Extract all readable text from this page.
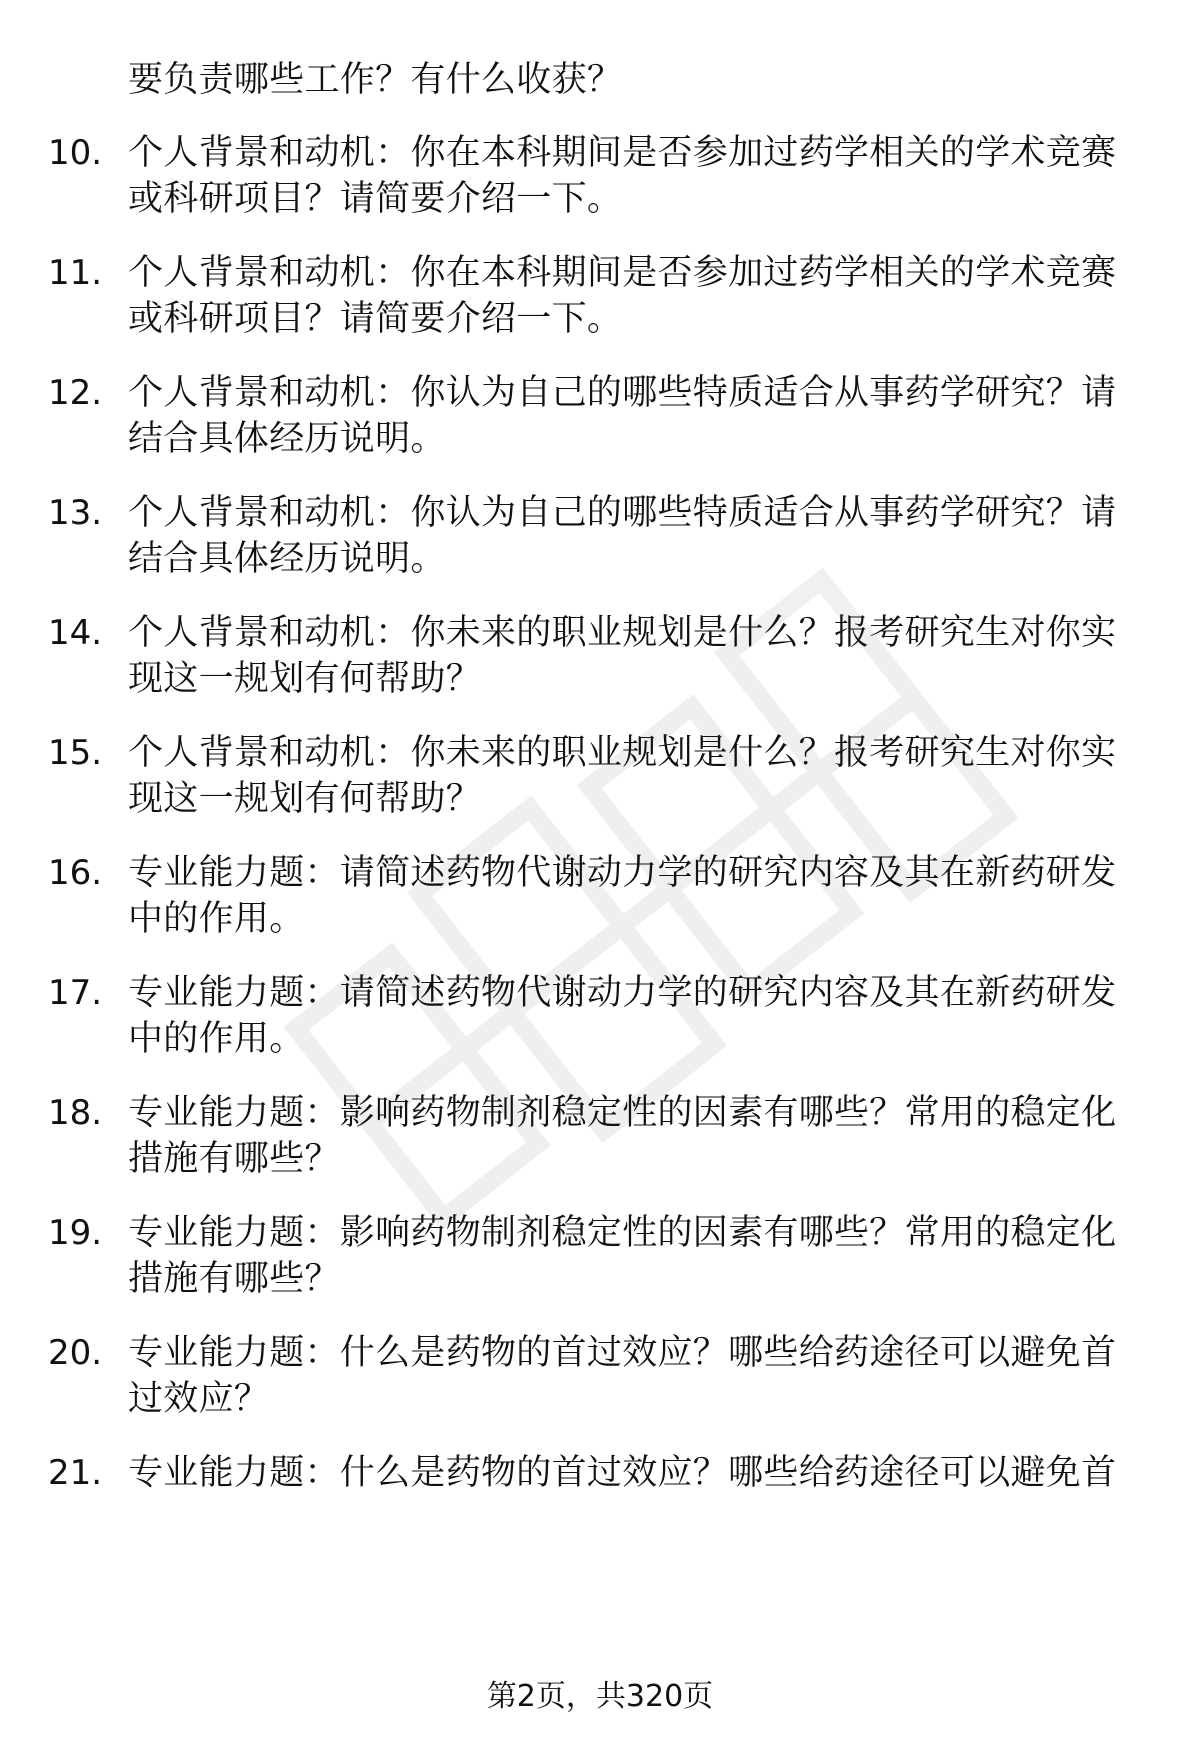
要负责哪些工作？有什么收获？
10. 个人背景和动机：你在本科期间是否参加过药学相关的学术竞赛
或科研项目？请简要介绍一下。
11. 个人背景和动机：你在本科期间是否参加过药学相关的学术竞赛
或科研项目？请简要介绍一下。
12. 个人背景和动机：你认为自己的哪些特质适合从事药学研究？请
结合具体经历说明。
13. 个人背景和动机：你认为自己的哪些特质适合从事药学研究？请
结合具体经历说明。
14. 个人背景和动机：你未来的职业规划是什么？报考研究生对你实
现这一规划有何帮助？
15. 个人背景和动机：你未来的职业规划是什么？报考研究生对你实
现这一规划有何帮助？
16. 专业能力题：请简述药物代谢动力学的研究内容及其在新药研发
中的作用。
17. 专业能力题：请简述药物代谢动力学的研究内容及其在新药研发
中的作用。
18. 专业能力题：影响药物制剂稳定性的因素有哪些？常用的稳定化
措施有哪些？
19. 专业能力题：影响药物制剂稳定性的因素有哪些？常用的稳定化
措施有哪些？
20. 专业能力题：什么是药物的首过效应？哪些给药途径可以避免首
过效应？
21. 专业能力题：什么是药物的首过效应？哪些给药途径可以避免首
第2页，共320页
